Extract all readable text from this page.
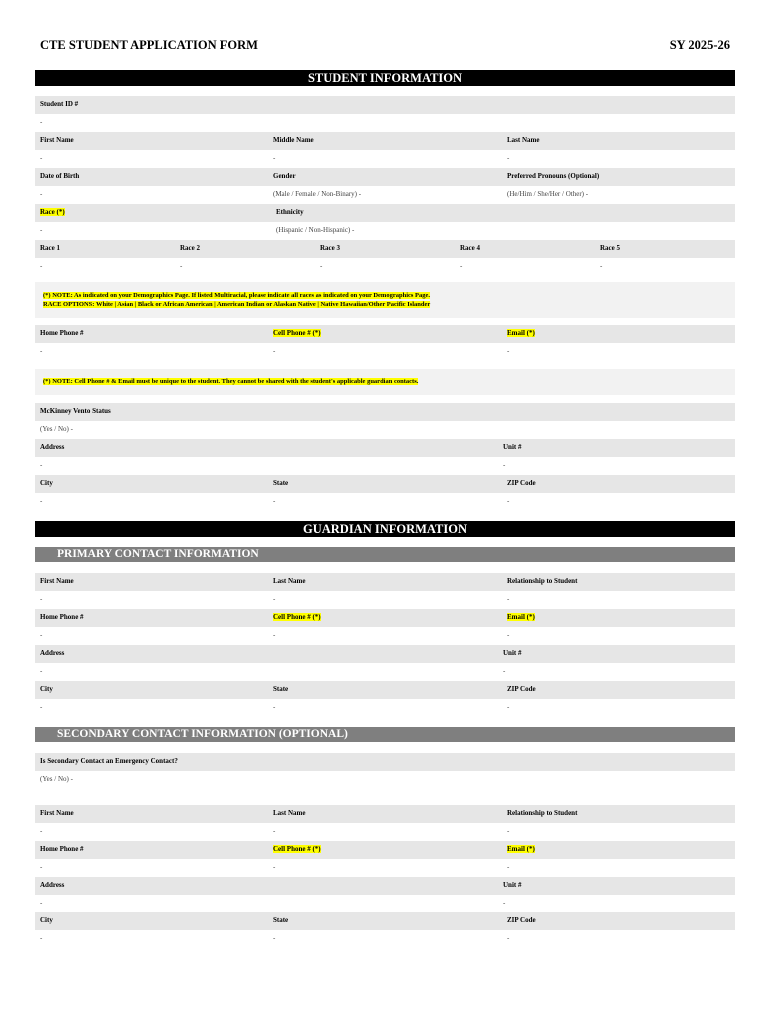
CTE STUDENT APPLICATION FORM	SY 2025-26
STUDENT INFORMATION
Student ID #
-
First Name	Middle Name	Last Name
-	-	-
Date of Birth	Gender	Preferred Pronouns (Optional)
-	(Male / Female / Non-Binary) -	(He/Him / She/Her / Other) -
Race (*)	Ethnicity
-	(Hispanic / Non-Hispanic) -
Race 1	Race 2	Race 3	Race 4	Race 5
-	-	-	-	-
(*) NOTE: As indicated on your Demographics Page. If listed Multiracial, please indicate all races as indicated on your Demographics Page.
RACE OPTIONS: White | Asian | Black or African American | American Indian or Alaskan Native | Native Hawaiian/Other Pacific Islander
Home Phone #	Cell Phone # (*)	Email (*)
-	-	-
(*) NOTE: Cell Phone # & Email must be unique to the student. They cannot be shared with the student's applicable guardian contacts.
McKinney Vento Status
(Yes / No) -
Address	Unit #
-	-
City	State	ZIP Code
-	-	-
GUARDIAN INFORMATION
PRIMARY CONTACT INFORMATION
First Name	Last Name	Relationship to Student
-	-	-
Home Phone #	Cell Phone # (*)	Email (*)
-	-	-
Address	Unit #
-	-
City	State	ZIP Code
-	-	-
SECONDARY CONTACT INFORMATION (OPTIONAL)
Is Secondary Contact an Emergency Contact?
(Yes / No) -
First Name	Last Name	Relationship to Student
-	-	-
Home Phone #	Cell Phone # (*)	Email (*)
-	-	-
Address	Unit #
-	-
City	State	ZIP Code
-	-	-
